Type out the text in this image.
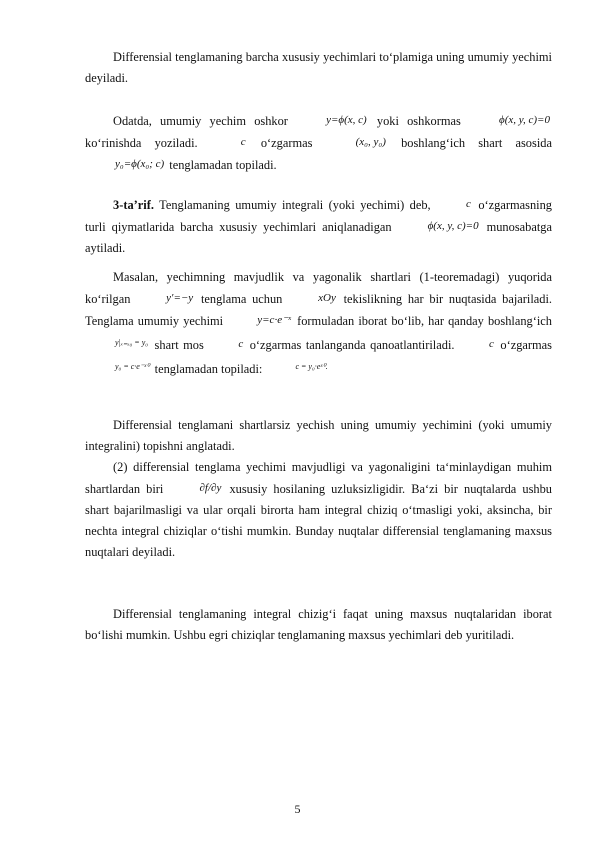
Differensial tenglamaning barcha xususiy yechimlari to‘plamiga uning umumiy yechimi deyiladi.

Odatda, umumiy yechim oshkor	y=ϕ(x, c) yoki oshkormas	ϕ(x, y, c)=0 ko‘rinishda yoziladi.	c o‘zgarmas	(x₀, y₀) boshlang‘ich shart asosida y₀=ϕ(x₀; c) tenglamadan topiladi.

3-ta’rif. Tenglamaning umumiy integrali (yoki yechimi) deb,	c o‘zgarmasning turli qiymatlarida barcha xususiy yechimlari aniqlanadigan	ϕ(x, y, c)=0 munosabatga aytiladi.

Masalan, yechimning mavjudlik va yagonalik shartlari (1-teoremadagi) yuqorida ko‘rilgan	y′=−y tenglama uchun	xOy tekislikning har bir nuqtasida bajariladi. Tenglama umumiy yechimi	y=c·e⁻ˣ formuladan iborat bo‘lib, har qanday boshlang‘ich y|ₓ₌ₓ₀ = y₀ shart mos	c o‘zgarmas tanlanganda qanoatlantiriladi.	c o‘zgarmas y₀ = c·e⁻ˣ⁰ tenglamadan topiladi:	c = y₀·eˣ⁰.

Differensial tenglamani shartlarsiz yechish uning umumiy yechimini (yoki umumiy integralini) topishni anglatadi.

(2) differensial tenglama yechimi mavjudligi va yagonaligini ta‘minlaydigan muhim shartlardan biri	∂f/∂y xususiy hosilaning uzluksizligidir. Ba‘zi bir nuqtalarda ushbu shart bajarilmasligi va ular orqali birorta ham integral chiziq o‘tmasligi yoki, aksincha, bir nechta integral chiziqlar o‘tishi mumkin. Bunday nuqtalar differensial tenglamaning maxsus nuqtalari deyiladi.

Differensial tenglamaning integral chizig‘i faqat uning maxsus nuqtalaridan iborat bo‘lishi mumkin. Ushbu egri chiziqlar tenglamaning maxsus yechimlari deb yuritiladi.

5
